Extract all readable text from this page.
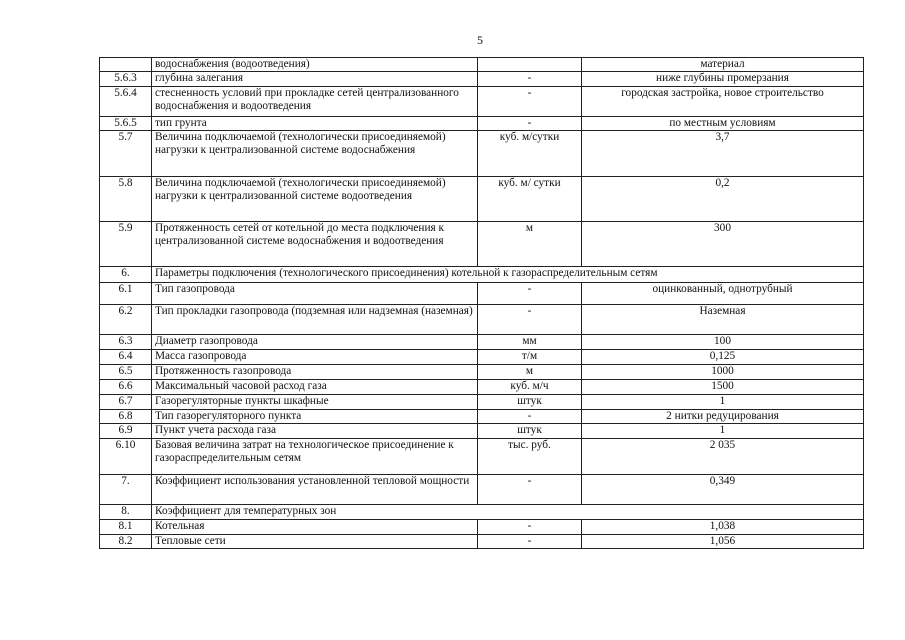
5
	водоснабжения (водоотведения)		материал
5.6.3	глубина залегания	-	ниже глубины промерзания
5.6.4	стесненность условий при прокладке сетей централизованного водоснабжения и водоотведения	-	городская застройка, новое строительство
5.6.5	тип грунта	-	по местным условиям
5.7	Величина подключаемой (технологически присоединяемой) нагрузки к централизованной системе водоснабжения	куб. м/сутки	3,7
5.8	Величина подключаемой (технологически присоединяемой) нагрузки к централизованной системе водоотведения	куб. м/ сутки	0,2
5.9	Протяженность сетей от котельной до места подключения к централизованной системе водоснабжения и водоотведения	м	300
6.	Параметры подключения (технологического присоединения) котельной к газораспределительным сетям		
6.1	Тип газопровода	-	оцинкованный, однотрубный
6.2	Тип прокладки газопровода (подземная или надземная (наземная)	-	Наземная
6.3	Диаметр газопровода	мм	100
6.4	Масса газопровода	т/м	0,125
6.5	Протяженность газопровода	м	1000
6.6	Максимальный часовой расход газа	куб. м/ч	1500
6.7	Газорегуляторные пункты шкафные	штук	1
6.8	Тип газорегуляторного пункта	-	2 нитки редуцирования
6.9	Пункт учета расхода газа	штук	1
6.10	Базовая величина затрат на технологическое присоединение к газораспределительным сетям	тыс. руб.	2 035
7.	Коэффициент использования установленной тепловой мощности	-	0,349
8.	Коэффициент для температурных зон		
8.1	Котельная	-	1,038
8.2	Тепловые сети	-	1,056
